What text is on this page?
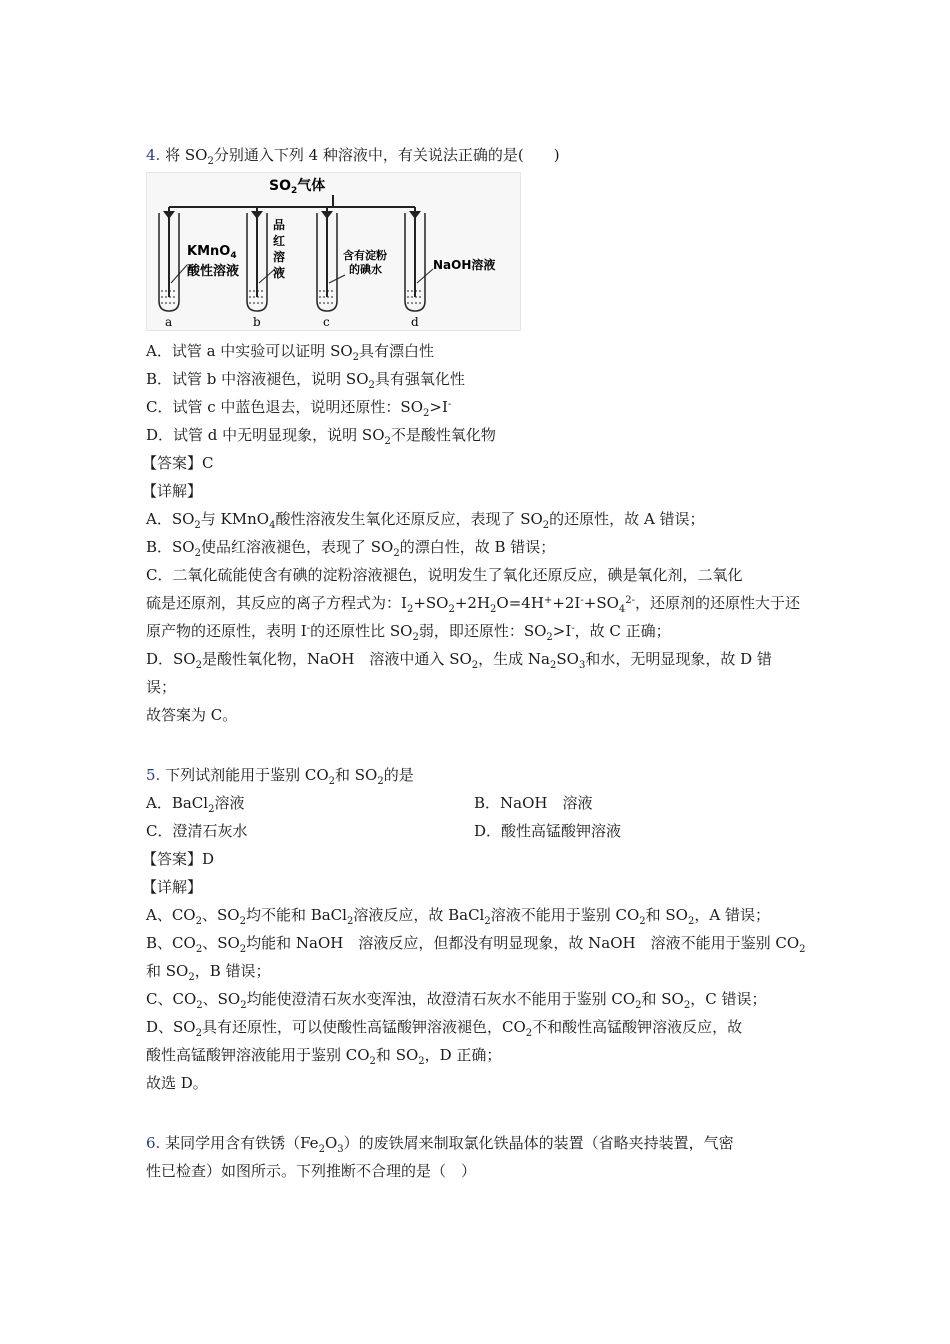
4. 将 $SO_2$分别通入下列 4 种溶液中，有关说法正确的是(　　)
$SO_2$气体
KMnO$_4$
酸性溶液
品
红
溶
液
含有淀粉
的碘水	NaOH溶液
a	b	c	d
A．试管 a 中实验可以证明 $SO_2$具有漂白性
B．试管 b 中溶液褪色，说明 $SO_2$具有强氧化性
C．试管 c 中蓝色退去，说明还原性：$SO_2>I^-$
D．试管 d 中无明显现象，说明 $SO_2$不是酸性氧化物
【答案】C
【详解】
A．$SO_2$与 KMnO$_4$酸性溶液发生氧化还原反应，表现了 $SO_2$的还原性，故 A 错误；
B．$SO_2$使品红溶液褪色，表现了 $SO_2$的漂白性，故 B 错误；
C．二氧化硫能使含有碘的淀粉溶液褪色，说明发生了氧化还原反应，碘是氧化剂，二氧化
硫是还原剂，其反应的离子方程式为：$I_2+SO_2+2H_2O=4H^++2I^-+SO_4^{2-}$，还原剂的还原性大于还
原产物的还原性，表明 I-的还原性比 $SO_2$弱，即还原性：$SO_2>I^-$，故 C 正确；
D．$SO_2$是酸性氧化物，NaOH　溶液中通入 $SO_2$，生成 $Na_2SO_3$和水，无明显现象，故 D 错
误；
故答案为 C。
5. 下列试剂能用于鉴别 $CO_2$和 $SO_2$的是
A．BaCl$_2$溶液	B．NaOH　溶液
C．澄清石灰水	D．酸性高锰酸钾溶液
【答案】D
【详解】
A、$CO_2$、$SO_2$均不能和 BaCl$_2$溶液反应，故 BaCl$_2$溶液不能用于鉴别 $CO_2$和 $SO_2$，A 错误；
B、$CO_2$、$SO_2$均能和 NaOH　溶液反应，但都没有明显现象，故 NaOH　溶液不能用于鉴别 $CO_2$
和 $SO_2$，B 错误；
C、$CO_2$、$SO_2$均能使澄清石灰水变浑浊，故澄清石灰水不能用于鉴别 $CO_2$和 $SO_2$，C 错误；
D、$SO_2$具有还原性，可以使酸性高锰酸钾溶液褪色，$CO_2$不和酸性高锰酸钾溶液反应，故
酸性高锰酸钾溶液能用于鉴别 $CO_2$和 $SO_2$，D 正确；
故选 D。
6. 某同学用含有铁锈$(Fe_2O_3)$的废铁屑来制取氯化铁晶体的装置（省略夹持装置，气密
性已检查）如图所示。下列推断不合理的是（　）
